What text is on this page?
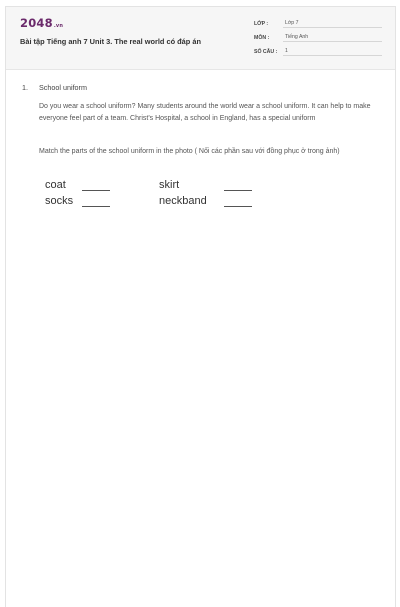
2048.vn
Bài tập Tiếng anh 7 Unit 3. The real world có đáp án
LỚP :	Lớp 7
MÔN :	Tiếng Anh
SỐ CÂU :	1
1. School uniform

Do you wear a school uniform? Many students around the world wear a school uniform. It can help to make everyone feel part of a team. Christ's Hospital, a school in England, has a special uniform

Match the parts of the school uniform in the photo ( Nối các phần sau với đồng phục ở trong ảnh)

coat	skirt
socks	neckband
